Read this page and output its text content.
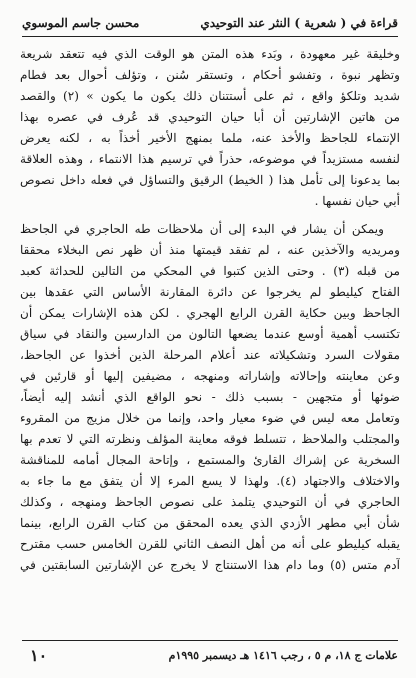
قراءة في ( شعرية ) النثر عند التوحيدي
محسن جاسم الموسوي

وخليقة غير معهودة ، وبَدء هذه المتن هو الوقت الذي فيه تتعقد شريعة
وتظهر نبوة ، وتفشو أحكام ، وتستقر سُنن ، وتؤلف أحوال بعد فطام
شديد وتلكؤ واقع ، ثم على أستتنان ذلك يكون ما يكون » (٢) والقصد
من هاتين الإشارتين أن أبا حيان التوحيدي قد عُرف في عصره بهذا
الإنتماء للجاحظ والأخذ عنه، ملما بمنهج الأخير أخذاً به ، لكنه يعرض
لنفسه مستزيداً في موضوعه، حذراً في ترسيم هذا الانتماء ، وهذه العلاقة
بما يدعونا إلى تأمل هذا ( الخيط) الرقيق والتساؤل في فعله داخل نصوص
أبي حيان نفسها .

ويمكن أن يشار في البدء إلى أن ملاحظات طه الحاجري في الجاحظ
ومريديه والآخذين عنه ، لم تفقد قيمتها منذ أن ظهر نص البخلاء محققا
من قبله (٣) . وحتى الذين كتبوا في المحكي من التالين للحداثة كعبد
الفتاح كيليطو لم يخرجوا عن دائرة المقارنة الأساس التي عقدها بين
الجاحظ وبين حكاية القرن الرابع الهجري . لكن هذه الإشارات يمكن أن
تكتسب أهمية أوسع عندما يضعها التالون من الدارسين والنقاد في سياق
مقولات السرد وتشكيلاته عند أعلام المرحلة الذين أخذوا عن الجاحظ،
وعن معاينته وإحالاته وإشاراته ومنهجه ، مضيفين إليها أو قارئين في
ضوئها أو متجهين - بسبب ذلك - نحو الواقع الذي أنشد إليه أيضاً،
وتعامل معه ليس في ضوء معيار واحد، وإنما من خلال مزيج من المقروء
والمجتلب والملاحظ ، تتسلط فوقه معاينة المؤلف ونظرته التي لا تعدم بها
السخرية عن إشراك القارئ والمستمع ، وإتاحة المجال أمامه للمناقشة
والاختلاف والاجتهاد (٤). ولهذا لا يسع المرء إلا أن يتفق مع ما جاء به
الحاجري في أن التوحيدي يتلمذ على نصوص الجاحظ ومنهجه ، وكذلك
شأن أبي مطهر الأزدي الذي يعده المحقق من كتاب القرن الرابع، بينما
يقبله كيليطو على أنه من أهل النصف الثاني للقرن الخامس حسب مقترح
آدم متس (٥) وما دام هذا الاستنتاج لا يخرج عن الإشارتين السابقتين في

علامات ج ١٨، م ٥ ، رجب ١٤١٦ هـ ديسمبر ١٩٩٥م
١٠
